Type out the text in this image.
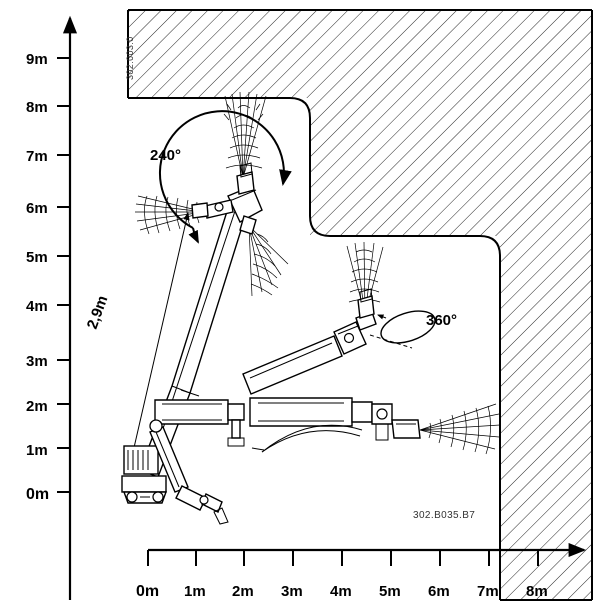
0m
1m
2m
3m
4m
5m
6m
7m
8m
9m
0m 1m 2m 3m 4m 5m 6m 7m 8m
240°
360°
2,9m
302.003.0
302.B035.B7
